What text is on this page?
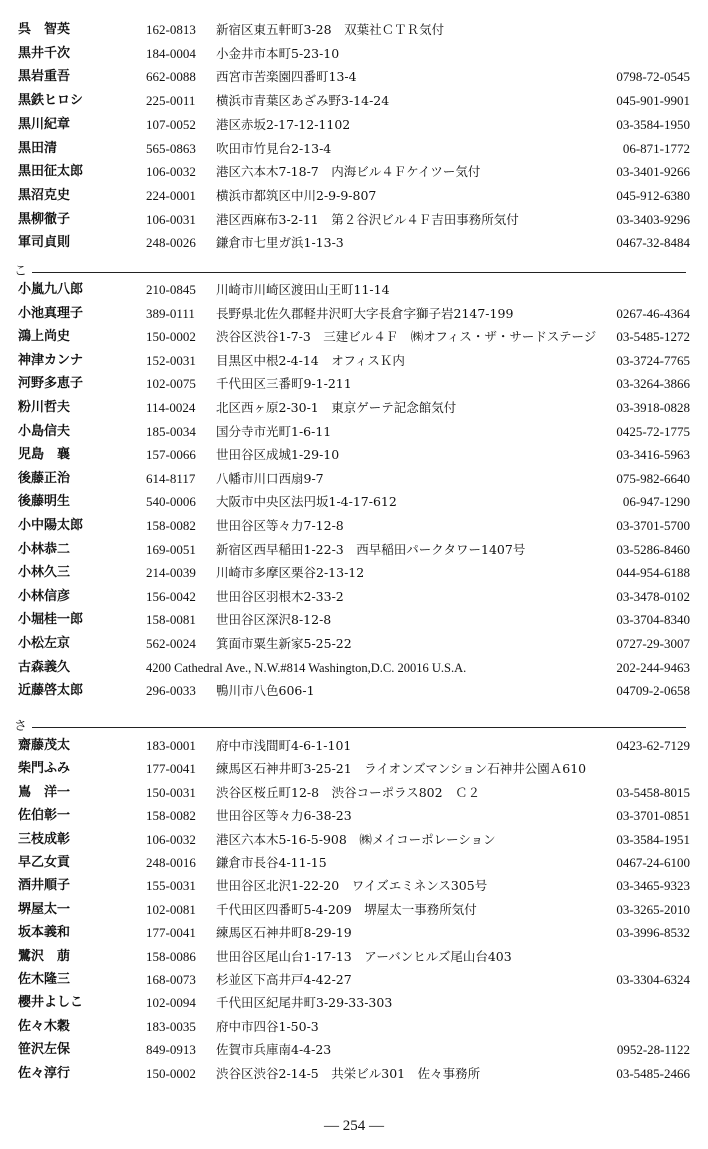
こ
さ
— 254 —
呉　智英	162-0813	新宿区東五軒町3-28　双葉社ＣＴＲ気付
黒井千次	184-0004	小金井市本町5-23-10
黒岩重吾	662-0088	西宮市苦楽園四番町13-4	0798-72-0545
黒鉄ヒロシ	225-0011	横浜市青葉区あざみ野3-14-24	045-901-9901
黒川紀章	107-0052	港区赤坂2-17-12-1102	03-3584-1950
黒田清	565-0863	吹田市竹見台2-13-4	06-871-1772
黒田征太郎	106-0032	港区六本木7-18-7　内海ビル４Ｆケイツー気付	03-3401-9266
黒沼克史	224-0001	横浜市都筑区中川2-9-9-807	045-912-6380
黒柳徹子	106-0031	港区西麻布3-2-11　第２谷沢ビル４Ｆ吉田事務所気付	03-3403-9296
軍司貞則	248-0026	鎌倉市七里ガ浜1-13-3	0467-32-8484
小嵐九八郎	210-0845	川崎市川崎区渡田山王町11-14
小池真理子	389-0111	長野県北佐久郡軽井沢町大字長倉字獅子岩2147-199	0267-46-4364
鴻上尚史	150-0002	渋谷区渋谷1-7-3　三建ビル４Ｆ　㈱オフィス・ザ・サードステージ	03-5485-1272
神津カンナ	152-0031	目黒区中根2-4-14　オフィスＫ内	03-3724-7765
河野多恵子	102-0075	千代田区三番町9-1-211	03-3264-3866
粉川哲夫	114-0024	北区西ヶ原2-30-1　東京ゲーテ記念館気付	03-3918-0828
小島信夫	185-0034	国分寺市光町1-6-11	0425-72-1775
児島　襄	157-0066	世田谷区成城1-29-10	03-3416-5963
後藤正治	614-8117	八幡市川口西扇9-7	075-982-6640
後藤明生	540-0006	大阪市中央区法円坂1-4-17-612	06-947-1290
小中陽太郎	158-0082	世田谷区等々力7-12-8	03-3701-5700
小林恭二	169-0051	新宿区西早稲田1-22-3　西早稲田パークタワー1407号	03-5286-8460
小林久三	214-0039	川崎市多摩区栗谷2-13-12	044-954-6188
小林信彦	156-0042	世田谷区羽根木2-33-2	03-3478-0102
小堀桂一郎	158-0081	世田谷区深沢8-12-8	03-3704-8340
小松左京	562-0024	箕面市粟生新家5-25-22	0727-29-3007
古森義久	4200 Cathedral Ave., N.W.#814 Washington,D.C. 20016 U.S.A.	202-244-9463
近藤啓太郎	296-0033	鴨川市八色606-1	04709-2-0658
齋藤茂太	183-0001	府中市浅間町4-6-1-101	0423-62-7129
柴門ふみ	177-0041	練馬区石神井町3-25-21　ライオンズマンション石神井公園Ａ610
嶌　洋一	150-0031	渋谷区桜丘町12-8　渋谷コーポラス802　Ｃ２	03-5458-8015
佐伯彰一	158-0082	世田谷区等々力6-38-23	03-3701-0851
三枝成彰	106-0032	港区六本木5-16-5-908　㈱メイコーポレーション	03-3584-1951
早乙女貢	248-0016	鎌倉市長谷4-11-15	0467-24-6100
酒井順子	155-0031	世田谷区北沢1-22-20　ワイズエミネンス305号	03-3465-9323
堺屋太一	102-0081	千代田区四番町5-4-209　堺屋太一事務所気付	03-3265-2010
坂本義和	177-0041	練馬区石神井町8-29-19	03-3996-8532
鷺沢　萠	158-0086	世田谷区尾山台1-17-13　アーバンヒルズ尾山台403
佐木隆三	168-0073	杉並区下高井戸4-42-27	03-3304-6324
櫻井よしこ	102-0094	千代田区紀尾井町3-29-33-303
佐々木穀	183-0035	府中市四谷1-50-3
笹沢左保	849-0913	佐賀市兵庫南4-4-23	0952-28-1122
佐々淳行	150-0002	渋谷区渋谷2-14-5　共栄ビル301　佐々事務所	03-5485-2466
